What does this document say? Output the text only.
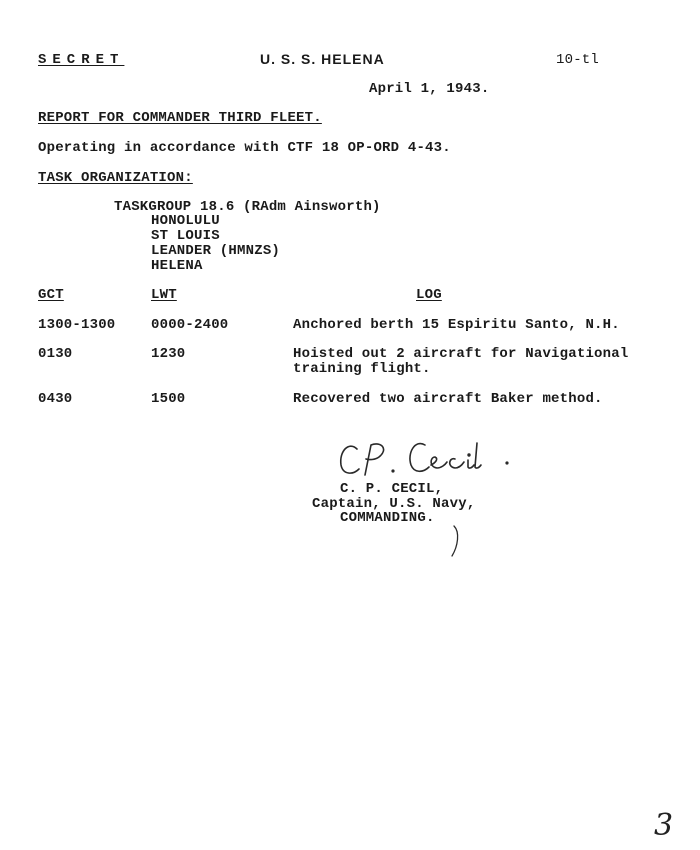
SECRET	U. S. S. HELENA	10-tl
April 1, 1943.
REPORT FOR COMMANDER THIRD FLEET.
Operating in accordance with CTF 18 OP-ORD 4-43.
TASK ORGANIZATION:
TASKGROUP 18.6 (RAdm Ainsworth)
HONOLULU
ST LOUIS
LEANDER (HMNZS)
HELENA
GCT	LWT	LOG
1300-1300	0000-2400	Anchored berth 15 Espiritu Santo, N.H.
0130	1230	Hoisted out 2 aircraft for Navigational
training flight.
0430	1500	Recovered two aircraft Baker method.
C. P. CECIL,
Captain, U.S. Navy,
COMMANDING.
3
